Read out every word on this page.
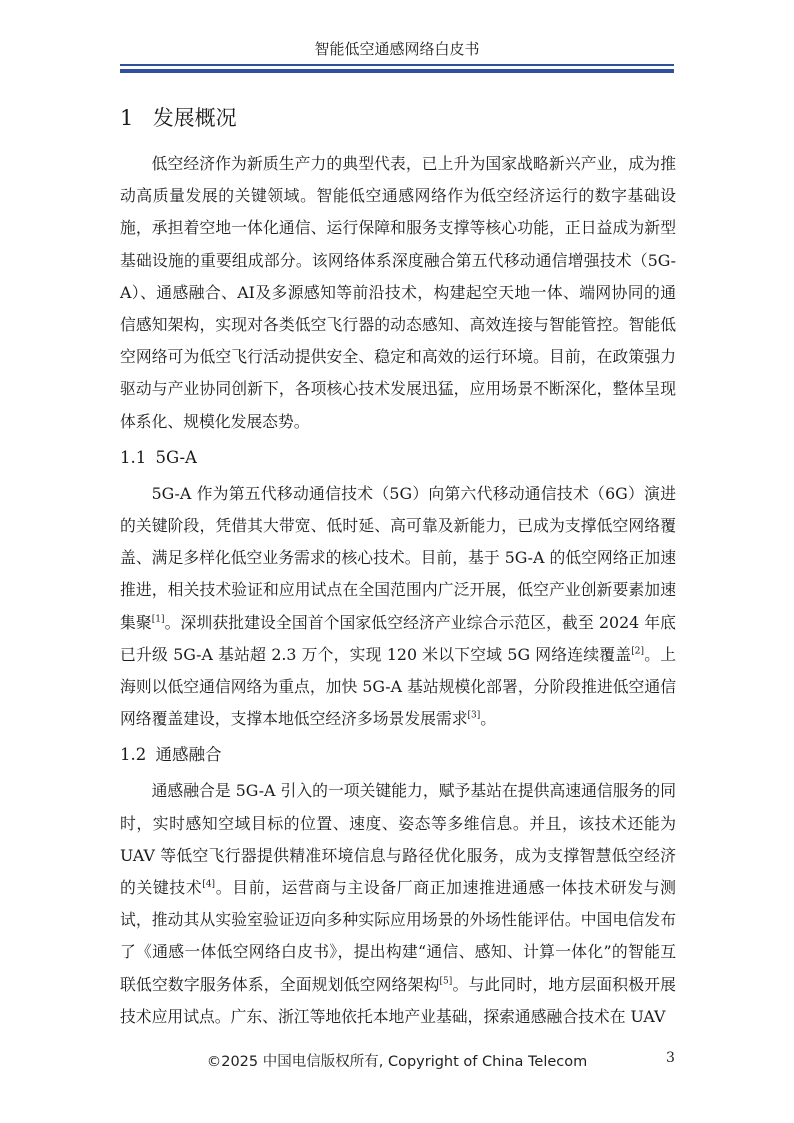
智能低空通感网络白皮书
1 发展概况

低空经济作为新质生产力的典型代表，已上升为国家战略新兴产业，成为推动高质量发展的关键领域。智能低空通感网络作为低空经济运行的数字基础设施，承担着空地一体化通信、运行保障和服务支撑等核心功能，正日益成为新型基础设施的重要组成部分。该网络体系深度融合第五代移动通信增强技术（5G-A）、通感融合、AI及多源感知等前沿技术，构建起空天地一体、端网协同的通信感知架构，实现对各类低空飞行器的动态感知、高效连接与智能管控。智能低空网络可为低空飞行活动提供安全、稳定和高效的运行环境。目前，在政策强力驱动与产业协同创新下，各项核心技术发展迅猛，应用场景不断深化，整体呈现体系化、规模化发展态势。

1.1 5G-A

5G-A 作为第五代移动通信技术（5G）向第六代移动通信技术（6G）演进的关键阶段，凭借其大带宽、低时延、高可靠及新能力，已成为支撑低空网络覆盖、满足多样化低空业务需求的核心技术。目前，基于 5G-A 的低空网络正加速推进，相关技术验证和应用试点在全国范围内广泛开展，低空产业创新要素加速集聚[1]。深圳获批建设全国首个国家低空经济产业综合示范区，截至 2024 年底已升级 5G-A 基站超 2.3 万个，实现 120 米以下空域 5G 网络连续覆盖[2]。上海则以低空通信网络为重点，加快 5G-A 基站规模化部署，分阶段推进低空通信网络覆盖建设，支撑本地低空经济多场景发展需求[3]。

1.2 通感融合

通感融合是 5G-A 引入的一项关键能力，赋予基站在提供高速通信服务的同时，实时感知空域目标的位置、速度、姿态等多维信息。并且，该技术还能为 UAV 等低空飞行器提供精准环境信息与路径优化服务，成为支撑智慧低空经济的关键技术[4]。目前，运营商与主设备厂商正加速推进通感一体技术研发与测试，推动其从实验室验证迈向多种实际应用场景的外场性能评估。中国电信发布了《通感一体低空网络白皮书》，提出构建“通信、感知、计算一体化”的智能互联低空数字服务体系，全面规划低空网络架构[5]。与此同时，地方层面积极开展技术应用试点。广东、浙江等地依托本地产业基础，探索通感融合技术在 UAV

©2025 中国电信版权所有, Copyright of China Telecom	3
